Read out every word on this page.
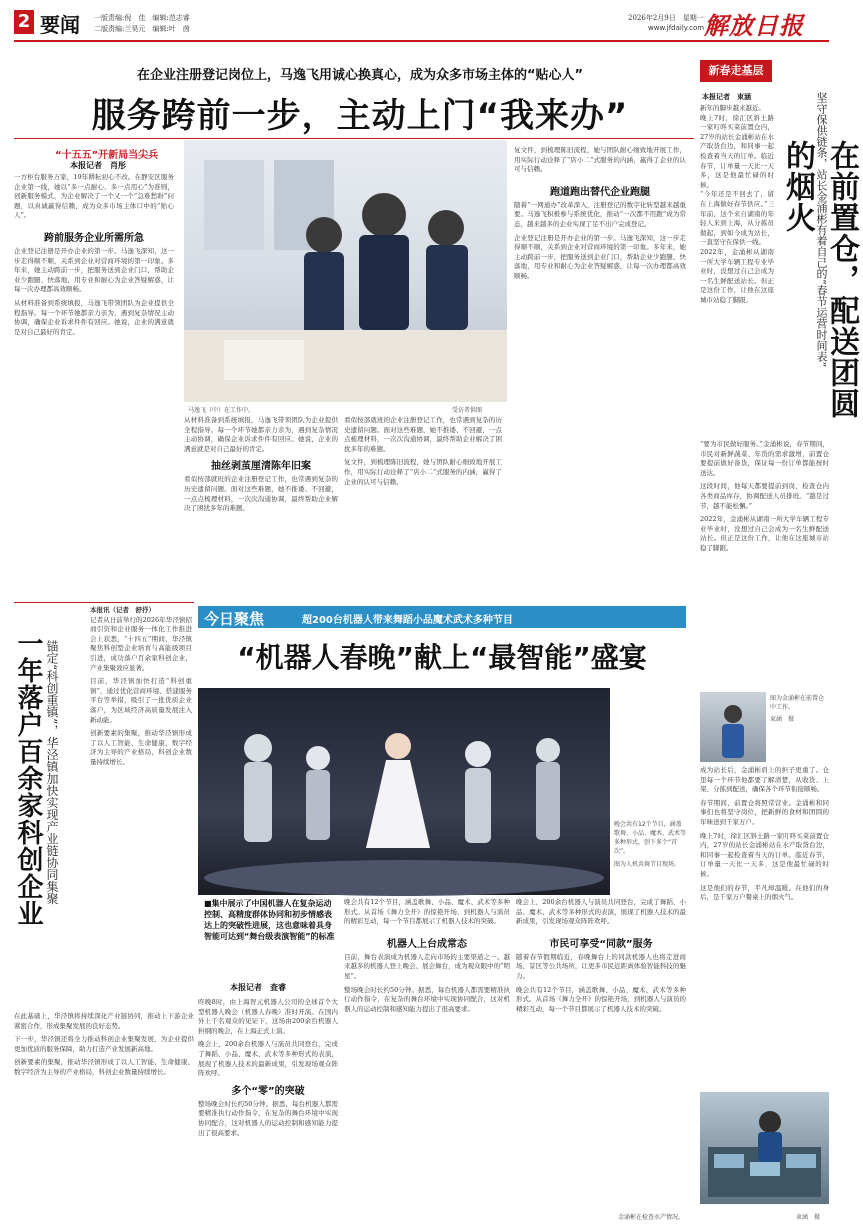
2 要闻 一版责编:倪　佳　编辑:范志睿
二版责编:兰昊元　编辑:叶　茵
2026年2月9日　星期一
www.jfdaily.com 解放日报
在企业注册登记岗位上，马逸飞用诚心换真心，成为众多市场主体的“贴心人”
服务跨前一步，主动上门“我来办”
“十五五”开新局当尖兵
本报记者　肖彤

一方柜台服务万家，19年耕耘初心不改。在静安区服务企业第一线，她以“多一点耐心、多一点用心”为准则，创新服务模式，为企业解决了一个又一个“急难愁盼”问题，以真诚赢得信赖，成为众多市场主体口中的“贴心人”。

跨前服务企业所需所急

企业登记注册是开办企业的第一步。马逸飞深知，这一步走得顺不顺，关系到企业对营商环境的第一印象。多年来，她主动跨前一步，把服务送到企业门口，帮助企业少跑腿、快落地，用专业和耐心为企业答疑解惑，让每一次办理都高效顺畅。

从材料准备到系统填报，马逸飞带领团队为企业提供全程指导。每一个环节她都亲力亲为，遇到复杂情况主动协调，确保企业诉求件件有回应。她说，企业的满意就是对自己最好的肯定。

马逸飞（中）在工作中。	受访者供图

从材料准备到系统填报，马逸飞带领团队为企业提供全程指导。每一个环节她都亲力亲为，遇到复杂情况主动协调，确保企业诉求件件有回应。她说，企业的满意就是对自己最好的肯定。

抽丝剥茧厘清陈年旧案

看似按部就班的企业注册登记工作，也常遇到复杂的历史遗留问题。面对这些难题，她不推诿、不回避，一点点梳理材料，一次次沟通协调，最终帮助企业解决了困扰多年的难题。

看似按部就班的企业注册登记工作，也常遇到复杂的历史遗留问题。面对这些难题，她不推诿、不回避，一点点梳理材料，一次次沟通协调，最终帮助企业解决了困扰多年的难题。

复文件，到梳理陈旧流程，她与团队耐心细致地开展工作，用实际行动诠释了“店小二”式服务的内涵，赢得了企业的认可与信赖。

复文件，到梳理陈旧流程，她与团队耐心细致地开展工作，用实际行动诠释了“店小二”式服务的内涵，赢得了企业的认可与信赖。

跑道跑出替代企业跑腿

随着“一网通办”改革深入，注册登记的数字化转型越来越重要。马逸飞积极参与系统优化，推动“一次都不用跑”成为常态，越来越多的企业实现了足不出户完成登记。

企业登记注册是开办企业的第一步。马逸飞深知，这一步走得顺不顺，关系到企业对营商环境的第一印象。多年来，她主动跨前一步，把服务送到企业门口，帮助企业少跑腿、快落地，用专业和耐心为企业答疑解惑，让每一次办理都高效顺畅。

一年落户百余家科创企业 锚定“科创重镇”，华泾镇加快实现产业链协同集聚
本报讯（记者　舒抒）

记者从日前举行的2026年华泾镇招商引资和企业服务一体化工作推进会上获悉，“十四五”期间，华泾镇聚焦科创型企业培育与高能级项目引进，成功落户百余家科创企业，产业集聚效应显著。

目前，华泾镇加快打造“科创重镇”，通过优化营商环境、搭建服务平台等举措，吸引了一批优质企业落户，为区域经济高质量发展注入新动能。

创新要素的集聚，推动华泾镇形成了以人工智能、生命健康、数字经济为主导的产业格局，科创企业数量持续增长。

在此基础上，华泾镇将持续深化产业链协同，推动上下游企业紧密合作，形成集聚发展的良好态势。

下一步，华泾镇还将全力推动科创企业集聚发展，为企业提供更加优质的服务保障，助力打造产业发展新高地。

创新要素的集聚，推动华泾镇形成了以人工智能、生命健康、数字经济为主导的产业格局，科创企业数量持续增长。

今日聚焦	超200台机器人带来舞蹈小品魔术武术多种节目
“机器人春晚”献上“最智能”盛宴

晚会共有12个节目，涵盖歌舞、小品、魔术、武术等多种形式，创下多个“首次”。

图为人机共舞节目现场。

■集中展示了中国机器人在复杂运动控制、高精度群体协同和初步情感表达上的突破性进展，这也意味着具身智能可达到“舞台级表演智能”的标准

本报记者　查睿

昨晚8时，由上海智元机器人公司的全球首个大型机器人晚会（机器人春晚）准时开演。在国内外上千名观众的见证下，这场由200余台机器人担纲的晚会，在上海正式上演。

晚会上，200余台机器人与演员共同登台，完成了舞蹈、小品、魔术、武术等多种形式的表演，展现了机器人技术的最新成果，引发现场观众阵阵欢呼。

多个“零”的突破

整场晚会时长约50分钟。据悉，每台机器人都需要精准执行动作指令，在复杂的舞台环境中实现协同配合，这对机器人的运动控制和感知能力提出了很高要求。

晚会共有12个节目，涵盖歌舞、小品、魔术、武术等多种形式。从首场《舞力全开》的惊艳开场，到机器人与演员的精彩互动，每一个节目都展示了机器人技术的突破。

机器人上台成常态

目前，舞台表演成为机器人走向市场的主要渠道之一。越来越多的机器人登上晚会、展会舞台，成为观众眼中的“明星”。

整场晚会时长约50分钟。据悉，每台机器人都需要精准执行动作指令，在复杂的舞台环境中实现协同配合，这对机器人的运动控制和感知能力提出了很高要求。

晚会上，200余台机器人与演员共同登台，完成了舞蹈、小品、魔术、武术等多种形式的表演，展现了机器人技术的最新成果，引发现场观众阵阵欢呼。

市民可享受“同款”服务

随着春节假期临近，春晚舞台上的同款机器人也将走进商场、景区等公共场所，让更多市民近距离体验智能科技的魅力。

晚会共有12个节目，涵盖歌舞、小品、魔术、武术等多种形式。从首场《舞力全开》的惊艳开场，到机器人与演员的精彩互动，每一个节目都展示了机器人技术的突破。

新春走基层
在前置仓，配送团圆的烟火 坚守保供链条，站长金涌彬有着自己的“春节运营时间表”
本报记者　束涵

新年的脚步越来越近。

晚上7时，徐汇区斜土路一家叮咚买菜前置仓内，27岁的站长金涌彬站在水产取货台边，和同事一起检查着当天的订单。临近春节，订单量一天比一天多，这是他最忙碌的时候。

“今年还是不回去了，留在上海做好春节供应。”三年前，这个来自湖南的年轻人来到上海，从分拣员做起，到如今成为站长，一直坚守在保供一线。

2022年，金涌彬从湖南一所大学车辆工程专业毕业时，没想过自己会成为一名生鲜配送站长。但正是这份工作，让他在这座城市站稳了脚跟。

“要为市民做好服务。”金涌彬说，春节期间，市民对新鲜蔬菜、年货的需求激增，前置仓要提前做好备货，保证每一份订单都能按时送达。

这段时间，他每天都要提前到岗，检查仓内各类商品库存，协调配送人员排班。“越是过节，越不能松懈。”

2022年，金涌彬从湖南一所大学车辆工程专业毕业时，没想过自己会成为一名生鲜配送站长。但正是这份工作，让他在这座城市站稳了脚跟。

图为金涌彬在前置仓中工作。

束涵　摄

成为站长后，金涌彬肩上的担子更重了。仓里每一个环节他都要了解清楚，从收货、上架、分拣到配送，确保各个环节衔接顺畅。

春节期间，前置仓将照常营业。金涌彬和同事们也将坚守岗位，把新鲜的食材和团圆的年味送到千家万户。

晚上7时，徐汇区斜土路一家叮咚买菜前置仓内，27岁的站长金涌彬站在水产取货台边，和同事一起检查着当天的订单。临近春节，订单量一天比一天多，这是他最忙碌的时候。

这是他们的春节，平凡却温暖。在他们的身后，是千家万户餐桌上的烟火气。

金涌彬在检查水产情况。	束涵　摄
